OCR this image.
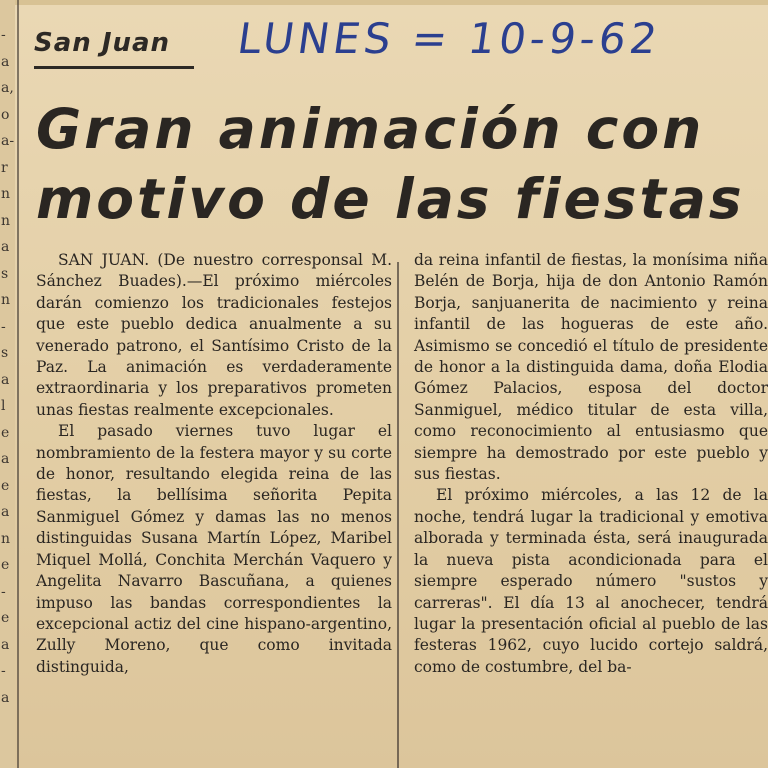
-
a
a,
o
a-
r
n
n
a
s
n
-
s
a
l
e
a
e
a
n
e
-
e
a
-
a
San Juan LUNES = 10-9-62
Gran animación con
motivo de las fiestas

SAN JUAN. (De nuestro corresponsal M. Sánchez Buades).—El próximo miércoles darán comienzo los tradicionales festejos que este pueblo dedica anualmente a su venerado patrono, el Santísimo Cristo de la Paz. La animación es verdaderamente extraordinaria y los preparativos prometen unas fiestas realmente excepcionales.

El pasado viernes tuvo lugar el nombramiento de la festera mayor y su corte de honor, resultando elegida reina de las fiestas, la bellísima señorita Pepita Sanmiguel Gómez y damas las no menos distinguidas Susana Martín López, Maribel Miquel Mollá, Conchita Merchán Vaquero y Angelita Navarro Bascuñana, a quienes impuso las bandas correspondientes la excepcional actiz del cine hispano-argentino, Zully Moreno, que como invitada distinguida,

da reina infantil de fiestas, la monísima niña Belén de Borja, hija de don Antonio Ramón Borja, sanjuanerita de nacimiento y reina infantil de las hogueras de este año. Asimismo se concedió el título de presidente de honor a la distinguida dama, doña Elodia Gómez Palacios, esposa del doctor Sanmiguel, médico titular de esta villa, como reconocimiento al entusiasmo que siempre ha demostrado por este pueblo y sus fiestas.

El próximo miércoles, a las 12 de la noche, tendrá lugar la tradicional y emotiva alborada y terminada ésta, será inaugurada la nueva pista acondicionada para el siempre esperado número "sustos y carreras". El día 13 al anochecer, tendrá lugar la presentación oficial al pueblo de las festeras 1962, cuyo lucido cortejo saldrá, como de costumbre, del ba-
